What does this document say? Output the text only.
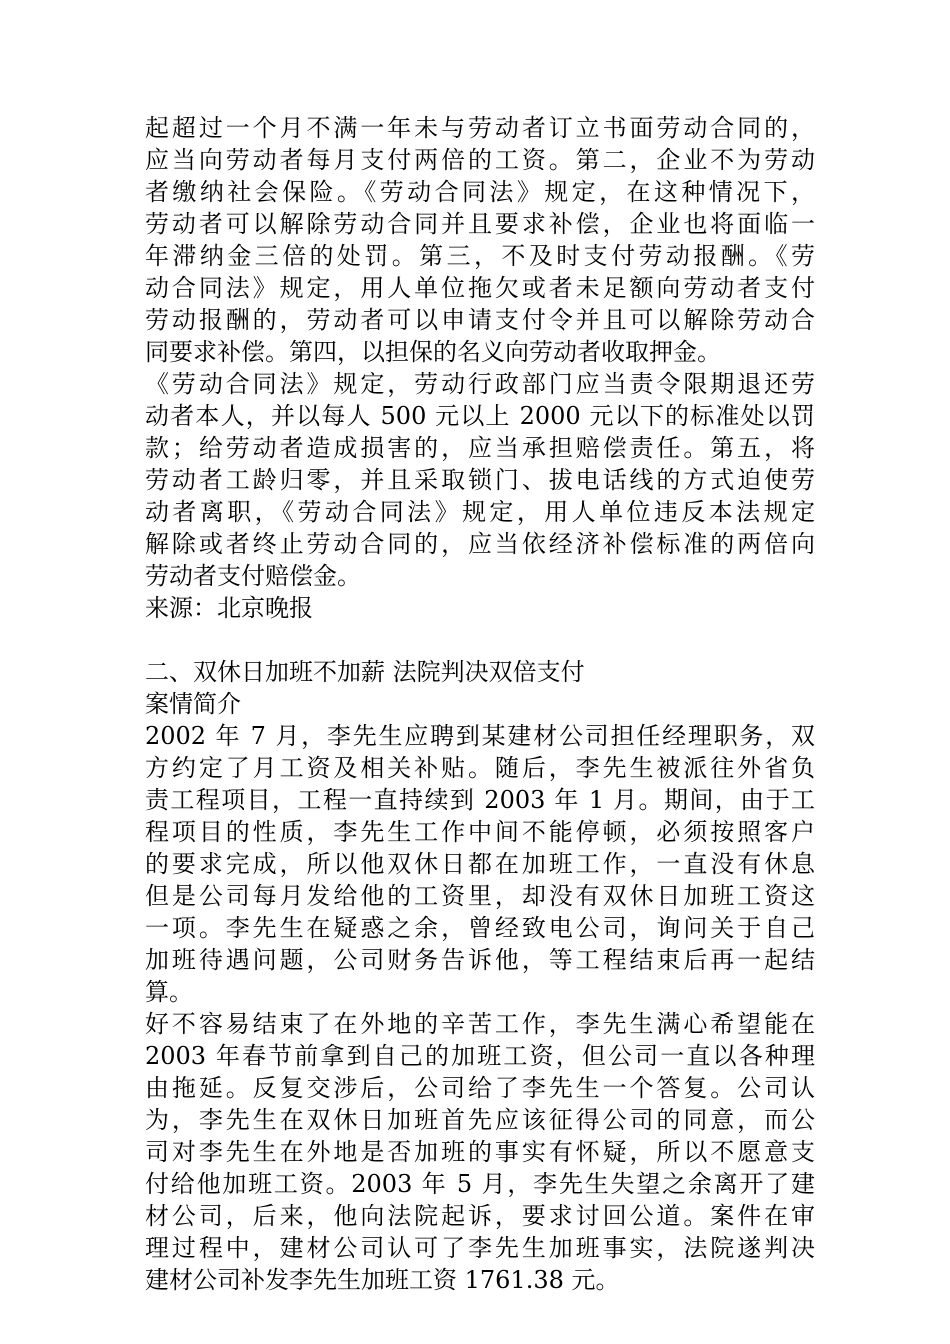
起超过一个月不满一年未与劳动者订立书面劳动合同的，
应当向劳动者每月支付两倍的工资。第二，企业不为劳动
者缴纳社会保险。《劳动合同法》规定，在这种情况下，
劳动者可以解除劳动合同并且要求补偿，企业也将面临一
年滞纳金三倍的处罚。第三，不及时支付劳动报酬。《劳
动合同法》规定，用人单位拖欠或者未足额向劳动者支付
劳动报酬的，劳动者可以申请支付令并且可以解除劳动合
同要求补偿。第四，以担保的名义向劳动者收取押金。
《劳动合同法》规定，劳动行政部门应当责令限期退还劳
动者本人，并以每人 500 元以上 2000 元以下的标准处以罚
款；给劳动者造成损害的，应当承担赔偿责任。第五，将
劳动者工龄归零，并且采取锁门、拔电话线的方式迫使劳
动者离职，《劳动合同法》规定，用人单位违反本法规定
解除或者终止劳动合同的，应当依经济补偿标准的两倍向
劳动者支付赔偿金。
来源：北京晚报
二、双休日加班不加薪 法院判决双倍支付
案情简介
2002 年 7 月，李先生应聘到某建材公司担任经理职务，双
方约定了月工资及相关补贴。随后，李先生被派往外省负
责工程项目，工程一直持续到 2003 年 1 月。期间，由于工
程项目的性质，李先生工作中间不能停顿，必须按照客户
的要求完成，所以他双休日都在加班工作，一直没有休息
但是公司每月发给他的工资里，却没有双休日加班工资这
一项。李先生在疑惑之余，曾经致电公司，询问关于自己
加班待遇问题，公司财务告诉他，等工程结束后再一起结
算。
好不容易结束了在外地的辛苦工作，李先生满心希望能在
2003 年春节前拿到自己的加班工资，但公司一直以各种理
由拖延。反复交涉后，公司给了李先生一个答复。公司认
为，李先生在双休日加班首先应该征得公司的同意，而公
司对李先生在外地是否加班的事实有怀疑，所以不愿意支
付给他加班工资。2003 年 5 月，李先生失望之余离开了建
材公司，后来，他向法院起诉，要求讨回公道。案件在审
理过程中，建材公司认可了李先生加班事实，法院遂判决
建材公司补发李先生加班工资 1761.38 元。
